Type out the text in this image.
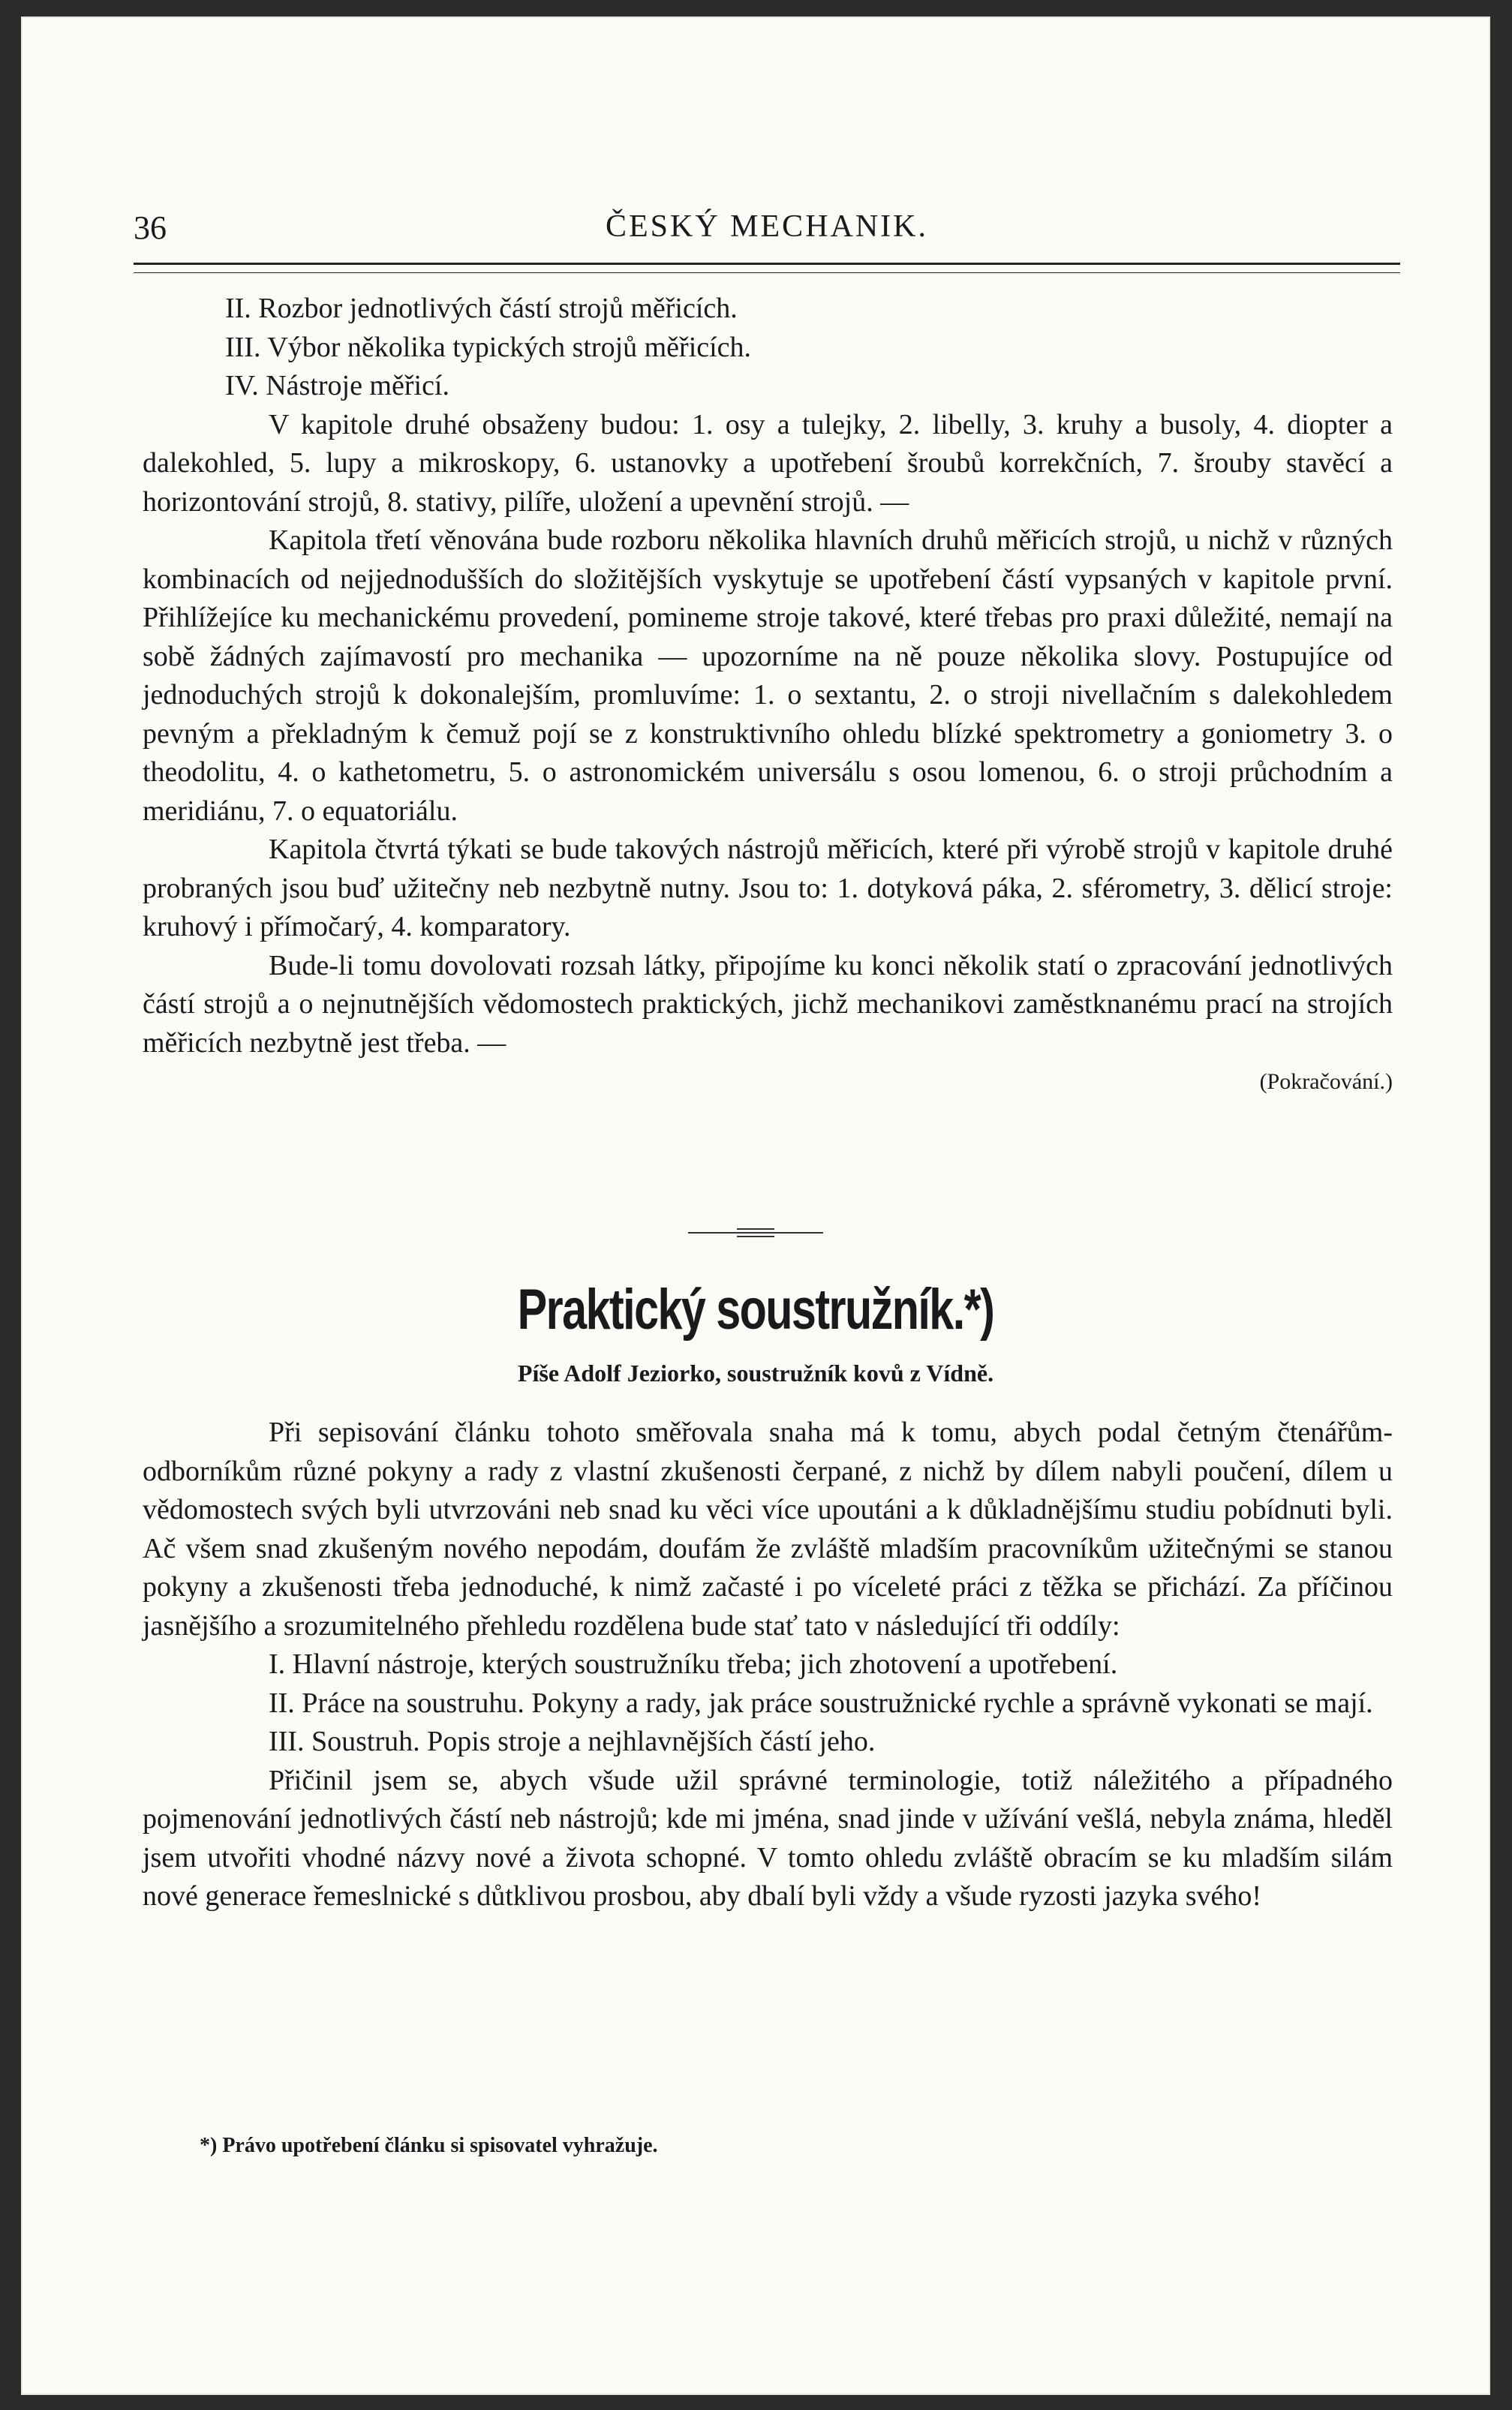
36	ČESKÝ MECHANIK.

II. Rozbor jednotlivých částí strojů měřicích.

III. Výbor několika typických strojů měřicích.

IV. Nástroje měřicí.

V kapitole druhé obsaženy budou: 1. osy a tulejky, 2. libelly, 3. kruhy a busoly, 4. diopter a dalekohled, 5. lupy a mikroskopy, 6. ustanovky a upotřebení šroubů korrekčních, 7. šrouby stavěcí a horizontování strojů, 8. stativy, pilíře, uložení a upevnění strojů. —

Kapitola třetí věnována bude rozboru několika hlavních druhů měřicích strojů, u nichž v různých kombinacích od nejjednodušších do složitějších vyskytuje se upotřebení částí vypsaných v kapitole první. Přihlížejíce ku mechanickému provedení, pomineme stroje takové, které třebas pro praxi důležité, nemají na sobě žádných zajímavostí pro mechanika — upozorníme na ně pouze několika slovy. Postupujíce od jednoduchých strojů k dokonalejším, promluvíme: 1. o sextantu, 2. o stroji nivellačním s dalekohledem pevným a překladným k čemuž pojí se z konstruktivního ohledu blízké spektrometry a goniometry 3. o theodolitu, 4. o kathetometru, 5. o astronomickém universálu s osou lomenou, 6. o stroji průchodním a meridiánu, 7. o equatoriálu.

Kapitola čtvrtá týkati se bude takových nástrojů měřicích, které při výrobě strojů v kapitole druhé probraných jsou buď užitečny neb nezbytně nutny. Jsou to: 1. dotyková páka, 2. sférometry, 3. dělicí stroje: kruhový i přímočarý, 4. komparatory.

Bude-li tomu dovolovati rozsah látky, připojíme ku konci několik statí o zpracování jednotlivých částí strojů a o nejnutnějších vědomostech praktických, jichž mechanikovi zaměstknanému prací na strojích měřicích nezbytně jest třeba. —

(Pokračování.)

Praktický soustružník.*)
Píše Adolf Jeziorko, soustružník kovů z Vídně.

Při sepisování článku tohoto směřovala snaha má k tomu, abych podal četným čtenářům-odborníkům různé pokyny a rady z vlastní zkušenosti čerpané, z nichž by dílem nabyli poučení, dílem u vědomostech svých byli utvrzováni neb snad ku věci více upoutáni a k důkladnějšímu studiu pobídnuti byli. Ač všem snad zkušeným nového nepodám, doufám že zvláště mladším pracovníkům užitečnými se stanou pokyny a zkušenosti třeba jednoduché, k nimž začasté i po víceleté práci z těžka se přichází. Za příčinou jasnějšího a srozumitelného přehledu rozdělena bude stať tato v následující tři oddíly:

I. Hlavní nástroje, kterých soustružníku třeba; jich zhotovení a upotřebení.

II. Práce na soustruhu. Pokyny a rady, jak práce soustružnické rychle a správně vykonati se mají.

III. Soustruh. Popis stroje a nejhlavnějších částí jeho.

Přičinil jsem se, abych všude užil správné terminologie, totiž náležitého a případného pojmenování jednotlivých částí neb nástrojů; kde mi jména, snad jinde v užívání vešlá, nebyla známa, hleděl jsem utvořiti vhodné názvy nové a života schopné. V tomto ohledu zvláště obracím se ku mladším silám nové generace řemeslnické s důtklivou prosbou, aby dbalí byli vždy a všude ryzosti jazyka svého!

*) Právo upotřebení článku si spisovatel vyhražuje.
